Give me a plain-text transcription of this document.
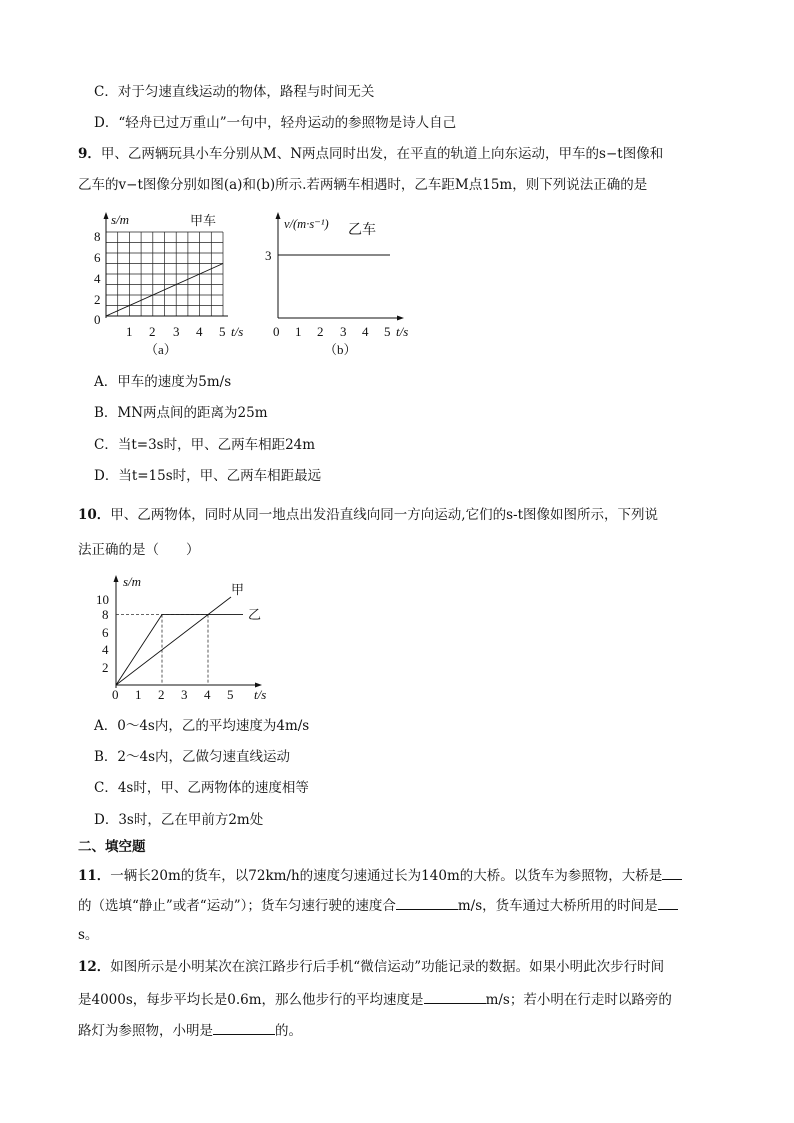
C．对于匀速直线运动的物体，路程与时间无关
D．“轻舟已过万重山”一句中，轻舟运动的参照物是诗人自己
9．甲、乙两辆玩具小车分别从M、N两点同时出发，在平直的轨道上向东运动，甲车的s−t图像和
乙车的v−t图像分别如图(a)和(b)所示.若两辆车相遇时，乙车距M点15m，则下列说法正确的是
s/m	甲车
8
6
4
2
0
1 2 3 4 5 t/s
（a）
v/(m·s⁻¹) 乙车
3
0 1 2 3 4 5 t/s
（b）
A．甲车的速度为5m/s
B．MN两点间的距离为25m
C．当t=3s时，甲、乙两车相距24m
D．当t=15s时，甲、乙两车相距最远
10．甲、乙两物体，同时从同一地点出发沿直线向同一方向运动,它们的s-t图像如图所示，下列说
法正确的是（　　）
s/m
甲
乙
10
8
6
4
2
0 1 2 3 4 5 t/s
A．0～4s内，乙的平均速度为4m/s
B．2～4s内，乙做匀速直线运动
C．4s时，甲、乙两物体的速度相等
D．3s时，乙在甲前方2m处
二、填空题
11．一辆长20m的货车，以72km/h的速度匀速通过长为140m的大桥。以货车为参照物，大桥是
的（选填“静止”或者“运动”）；货车匀速行驶的速度合	m/s，货车通过大桥所用的时间是
s。
12．如图所示是小明某次在滨江路步行后手机“微信运动”功能记录的数据。如果小明此次步行时间
是4000s，每步平均长是0.6m，那么他步行的平均速度是	m/s；若小明在行走时以路旁的
路灯为参照物，小明是	的。
